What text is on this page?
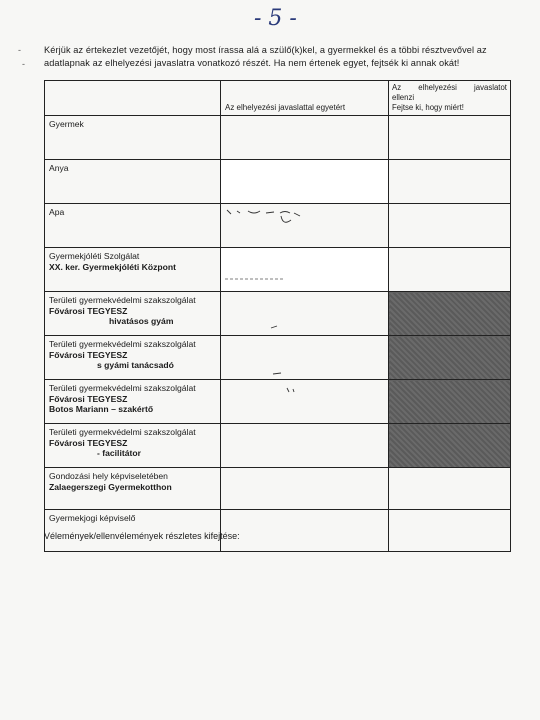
- 5 -
-
-
Kérjük az értekezlet vezetőjét, hogy most írassa alá a szülő(k)kel, a gyermekkel és a többi résztvevővel az adatlapnak az elhelyezési javaslatra vonatkozó részét. Ha nem értenek egyet, fejtsék ki annak okát!

	Az elhelyezési javaslattal egyetért	Az elhelyezési javaslatot
ellenzi
Fejtse ki, hogy miért!

Gyermek		
Anya		
Apa	

Gyermekjóléti Szolgálat
XX. ker. Gyermekjóléti Központ

Területi gyermekvédelmi szakszolgálat
Fővárosi TEGYESZ
hivatásos gyám

Területi gyermekvédelmi szakszolgálat
Fővárosi TEGYESZ
s gyámi tanácsadó

Területi gyermekvédelmi szakszolgálat
Fővárosi TEGYESZ
Botos Mariann – szakértő

Területi gyermekvédelmi szakszolgálat
Fővárosi TEGYESZ
- facilitátor		

Gondozási hely képviseletében
Zalaegerszegi Gyermekotthon		

Gyermekjogi képviselő		
Vélemények/ellenvélemények részletes kifejtése:
